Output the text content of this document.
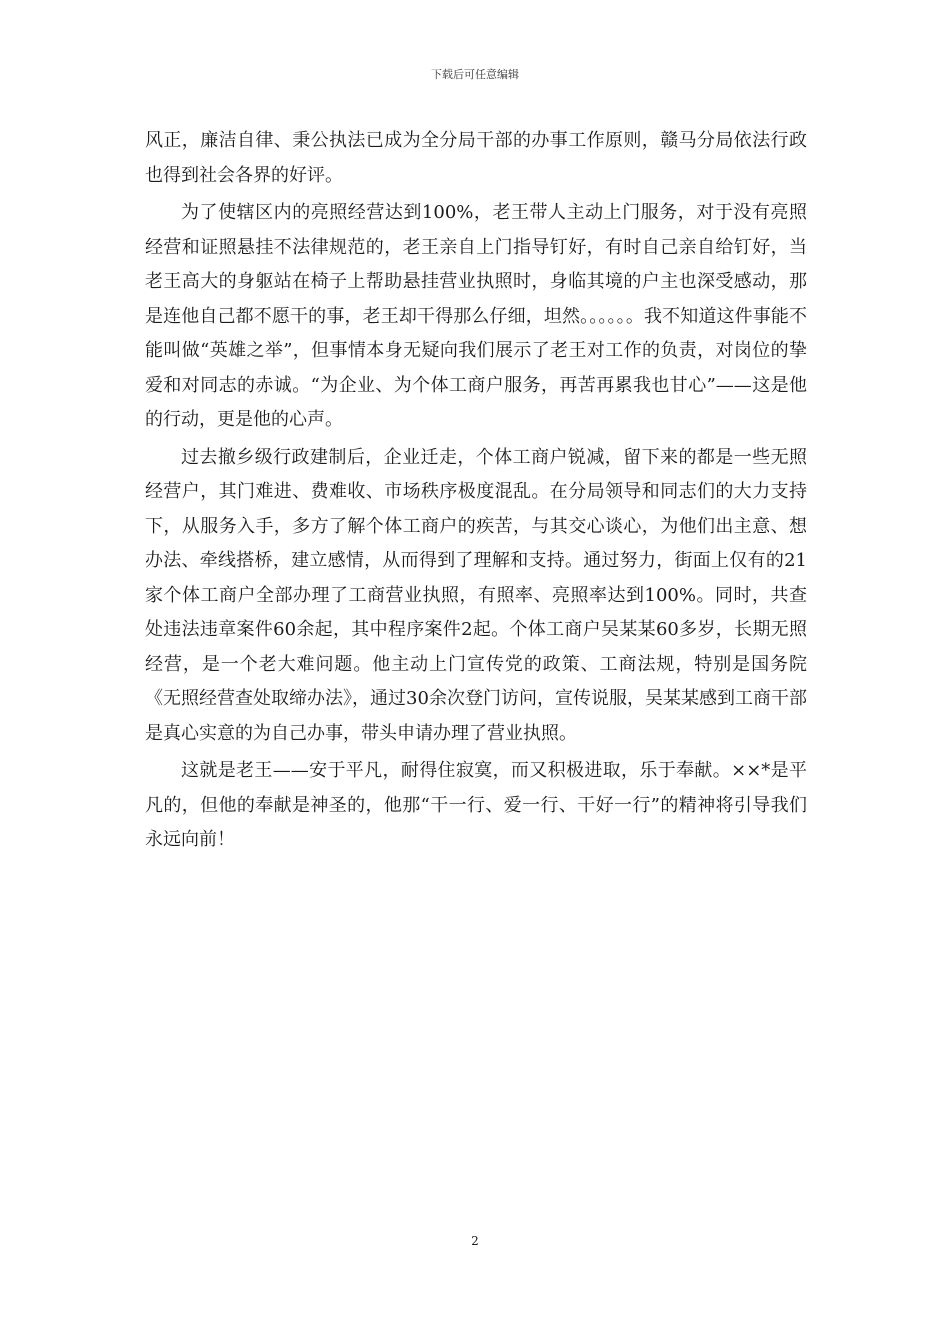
下载后可任意编辑

风正，廉洁自律、秉公执法已成为全分局干部的办事工作原则，赣马分局依法行政也得到社会各界的好评。

为了使辖区内的亮照经营达到100%，老王带人主动上门服务，对于没有亮照经营和证照悬挂不法律规范的，老王亲自上门指导钉好，有时自己亲自给钉好，当老王高大的身躯站在椅子上帮助悬挂营业执照时，身临其境的户主也深受感动，那是连他自己都不愿干的事，老王却干得那么仔细，坦然。。。。。。我不知道这件事能不能叫做“英雄之举”，但事情本身无疑向我们展示了老王对工作的负责，对岗位的挚爱和对同志的赤诚。“为企业、为个体工商户服务，再苦再累我也甘心”——这是他的行动，更是他的心声。

过去撤乡级行政建制后，企业迁走，个体工商户锐减，留下来的都是一些无照经营户，其门难进、费难收、市场秩序极度混乱。在分局领导和同志们的大力支持下，从服务入手，多方了解个体工商户的疾苦，与其交心谈心，为他们出主意、想办法、牵线搭桥，建立感情，从而得到了理解和支持。通过努力，街面上仅有的21家个体工商户全部办理了工商营业执照，有照率、亮照率达到100%。同时，共查处违法违章案件60余起，其中程序案件2起。个体工商户吴某某60多岁，长期无照经营，是一个老大难问题。他主动上门宣传党的政策、工商法规，特别是国务院《无照经营查处取缔办法》，通过30余次登门访问，宣传说服，吴某某感到工商干部是真心实意的为自己办事，带头申请办理了营业执照。

这就是老王——安于平凡，耐得住寂寞，而又积极进取，乐于奉献。××*是平凡的，但他的奉献是神圣的，他那“干一行、爱一行、干好一行”的精神将引导我们永远向前！

2
